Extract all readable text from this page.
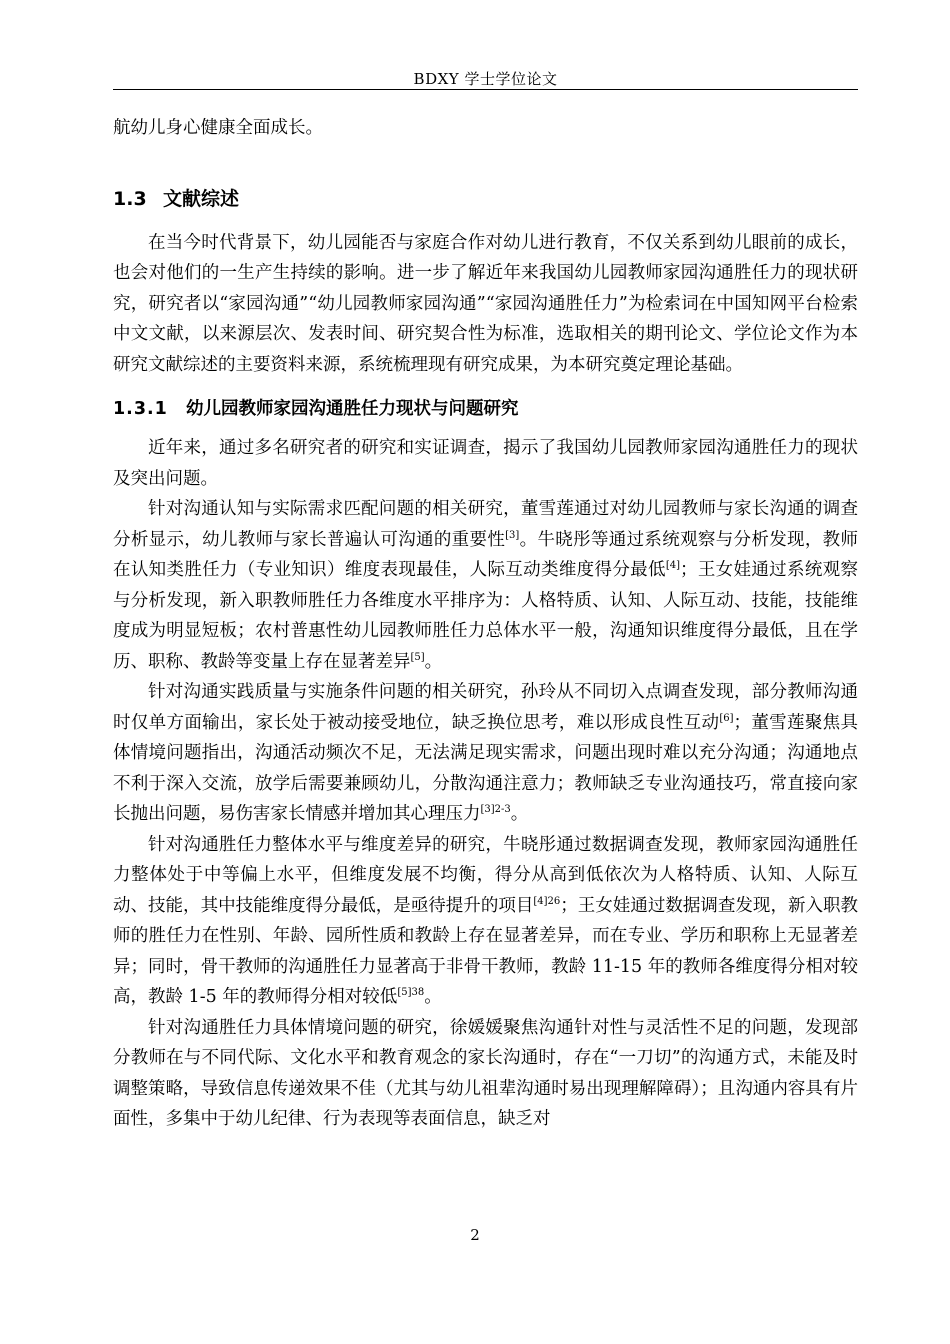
BDXY 学士学位论文

航幼儿身心健康全面成长。

1.3 文献综述

在当今时代背景下，幼儿园能否与家庭合作对幼儿进行教育，不仅关系到幼儿眼前的成长，也会对他们的一生产生持续的影响。进一步了解近年来我国幼儿园教师家园沟通胜任力的现状研究，研究者以“家园沟通”“幼儿园教师家园沟通”“家园沟通胜任力”为检索词在中国知网平台检索中文文献，以来源层次、发表时间、研究契合性为标准，选取相关的期刊论文、学位论文作为本研究文献综述的主要资料来源，系统梳理现有研究成果，为本研究奠定理论基础。

1.3.1 幼儿园教师家园沟通胜任力现状与问题研究

近年来，通过多名研究者的研究和实证调查，揭示了我国幼儿园教师家园沟通胜任力的现状及突出问题。

针对沟通认知与实际需求匹配问题的相关研究，董雪莲通过对幼儿园教师与家长沟通的调查分析显示，幼儿教师与家长普遍认可沟通的重要性[3]。牛晓彤等通过系统观察与分析发现，教师在认知类胜任力（专业知识）维度表现最佳，人际互动类维度得分最低[4]；王女娃通过系统观察与分析发现，新入职教师胜任力各维度水平排序为：人格特质、认知、人际互动、技能，技能维度成为明显短板；农村普惠性幼儿园教师胜任力总体水平一般，沟通知识维度得分最低，且在学历、职称、教龄等变量上存在显著差异[5]。

针对沟通实践质量与实施条件问题的相关研究，孙玲从不同切入点调查发现，部分教师沟通时仅单方面输出，家长处于被动接受地位，缺乏换位思考，难以形成良性互动[6]；董雪莲聚焦具体情境问题指出，沟通活动频次不足，无法满足现实需求，问题出现时难以充分沟通；沟通地点不利于深入交流，放学后需要兼顾幼儿，分散沟通注意力；教师缺乏专业沟通技巧，常直接向家长抛出问题，易伤害家长情感并增加其心理压力$^{[3]2-3}$。

针对沟通胜任力整体水平与维度差异的研究，牛晓彤通过数据调查发现，教师家园沟通胜任力整体处于中等偏上水平，但维度发展不均衡，得分从高到低依次为人格特质、认知、人际互动、技能，其中技能维度得分最低，是亟待提升的项目$^{[4]26}$；王女娃通过数据调查发现，新入职教师的胜任力在性别、年龄、园所性质和教龄上存在显著差异，而在专业、学历和职称上无显著差异；同时，骨干教师的沟通胜任力显著高于非骨干教师，教龄 11-15 年的教师各维度得分相对较高，教龄 1-5 年的教师得分相对较低$^{[5]38}$。

针对沟通胜任力具体情境问题的研究，徐媛媛聚焦沟通针对性与灵活性不足的问题，发现部分教师在与不同代际、文化水平和教育观念的家长沟通时，存在“一刀切”的沟通方式，未能及时调整策略，导致信息传递效果不佳（尤其与幼儿祖辈沟通时易出现理解障碍）；且沟通内容具有片面性，多集中于幼儿纪律、行为表现等表面信息，缺乏对

2
